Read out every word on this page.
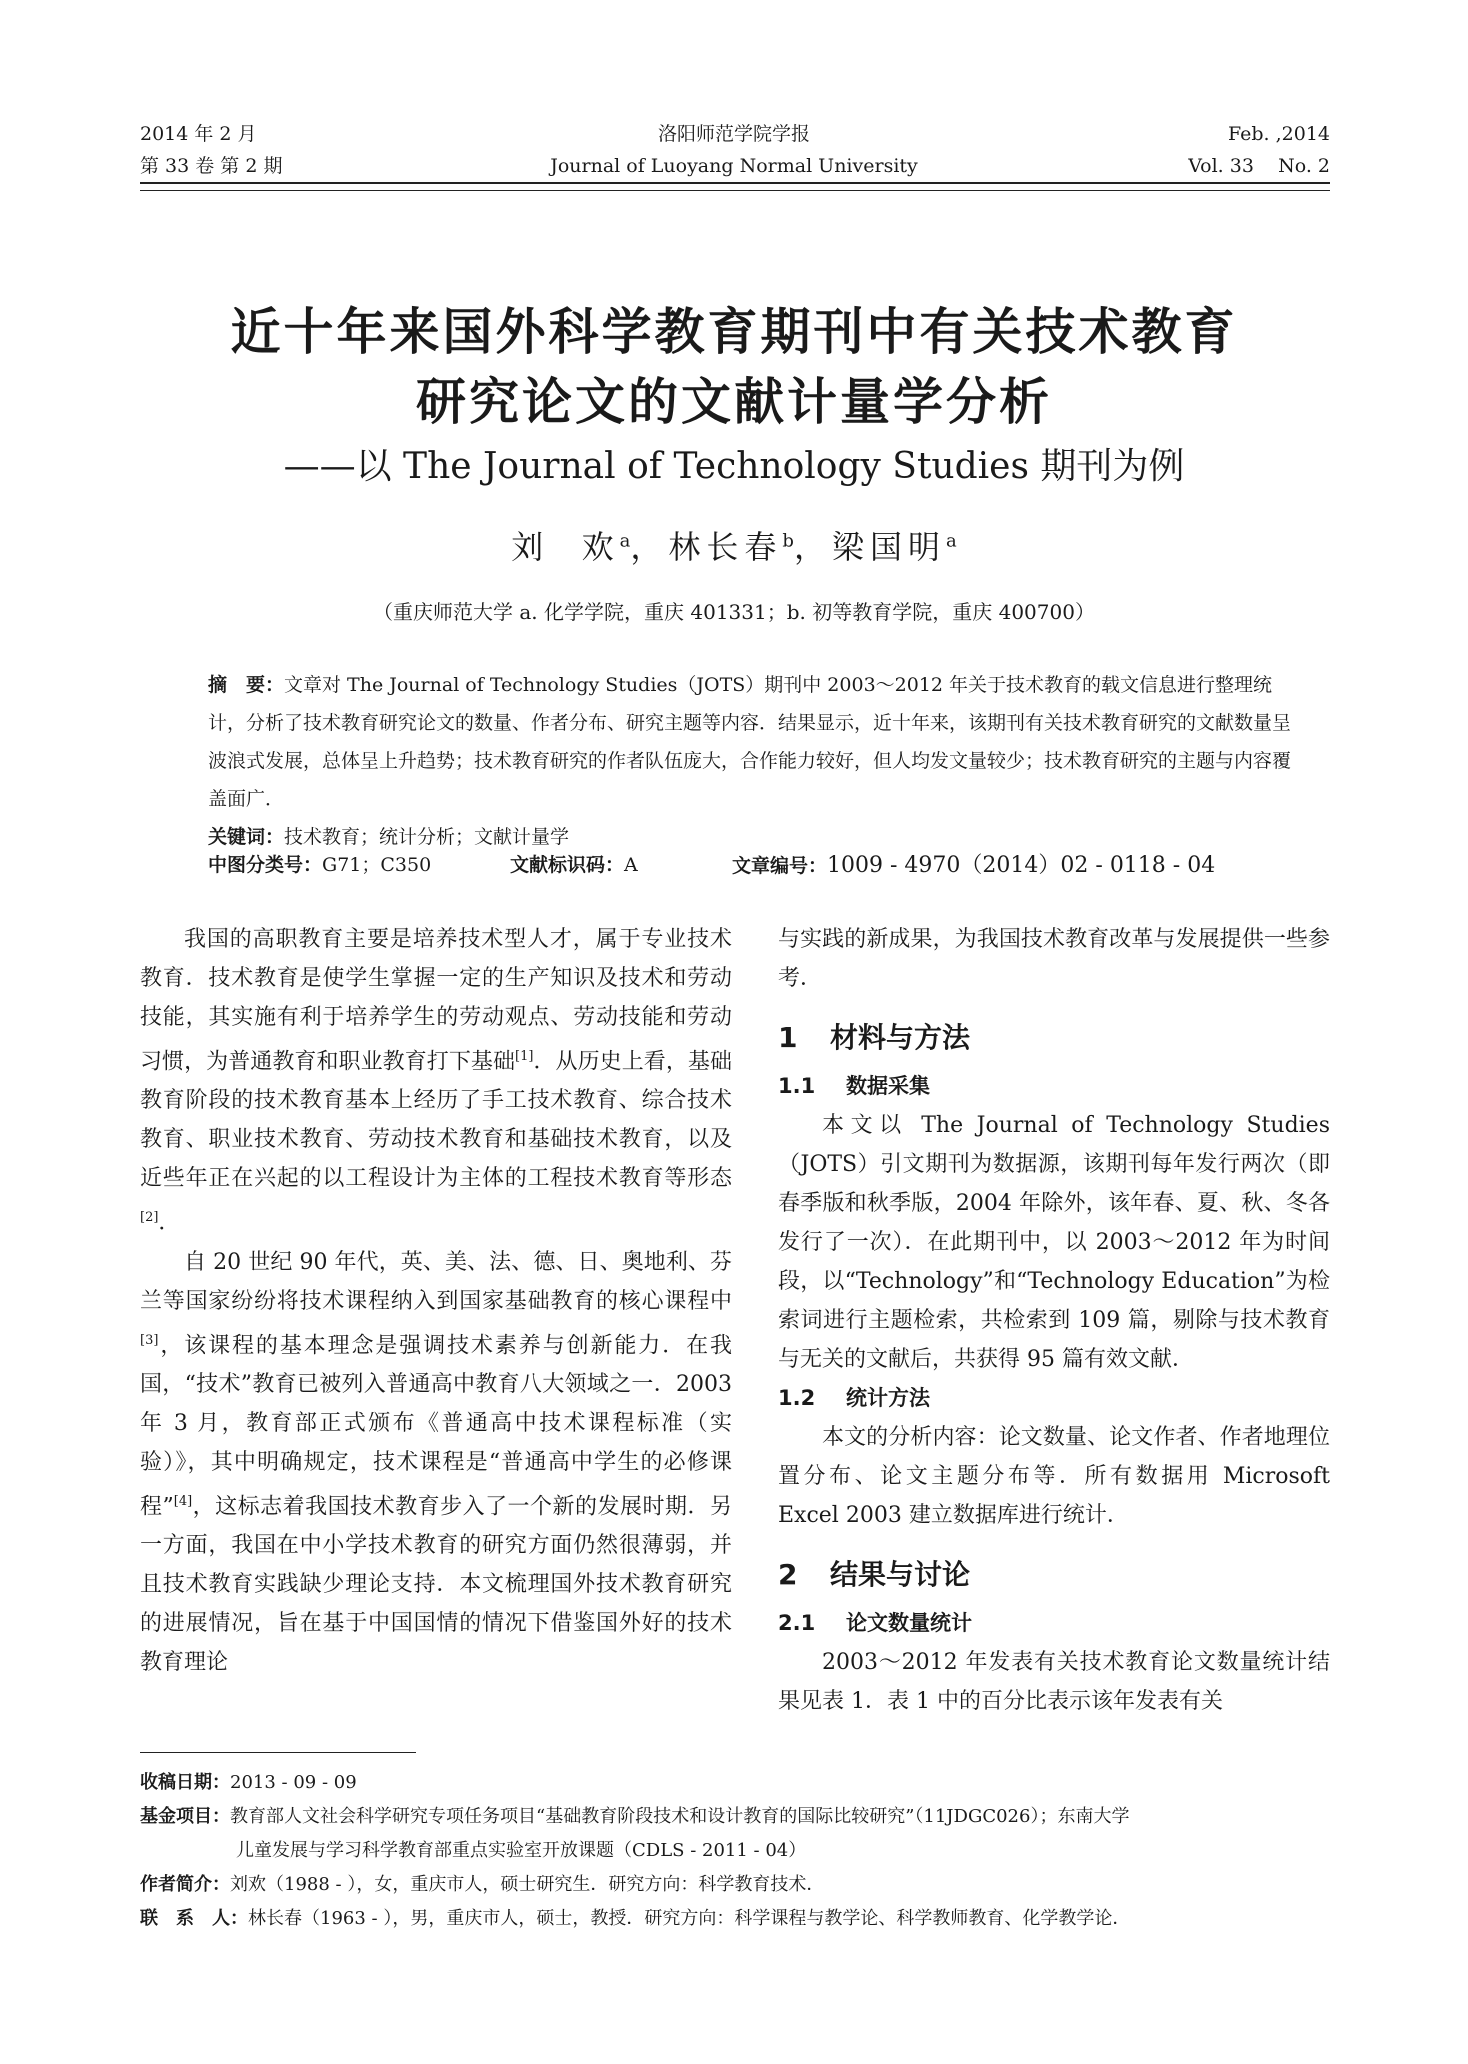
2014 年 2 月
第 33 卷 第 2 期
洛阳师范学院学报
Journal of Luoyang Normal University
Feb. ,2014
Vol. 33    No. 2
近十年来国外科学教育期刊中有关技术教育
研究论文的文献计量学分析
——以 The Journal of Technology Studies 期刊为例
刘  欢$^a$，林长春$^b$，梁国明$^a$
（重庆师范大学 a. 化学学院，重庆 401331；b. 初等教育学院，重庆 400700）
摘　要：文章对 The Journal of Technology Studies（JOTS）期刊中 2003～2012 年关于技术教育的载文信息进行整理统计，分析了技术教育研究论文的数量、作者分布、研究主题等内容．结果显示，近十年来，该期刊有关技术教育研究的文献数量呈波浪式发展，总体呈上升趋势；技术教育研究的作者队伍庞大，合作能力较好，但人均发文量较少；技术教育研究的主题与内容覆盖面广．
关键词：技术教育；统计分析；文献计量学
中图分类号：G71；C350	文献标识码：A	文章编号：1009 - 4970（2014）02 - 0118 - 04

我国的高职教育主要是培养技术型人才，属于专业技术教育．技术教育是使学生掌握一定的生产知识及技术和劳动技能，其实施有利于培养学生的劳动观点、劳动技能和劳动习惯，为普通教育和职业教育打下基础[1]．从历史上看，基础教育阶段的技术教育基本上经历了手工技术教育、综合技术教育、职业技术教育、劳动技术教育和基础技术教育，以及近些年正在兴起的以工程设计为主体的工程技术教育等形态[2]．

自 20 世纪 90 年代，英、美、法、德、日、奥地利、芬兰等国家纷纷将技术课程纳入到国家基础教育的核心课程中[3]，该课程的基本理念是强调技术素养与创新能力．在我国，“技术”教育已被列入普通高中教育八大领域之一．2003 年 3 月，教育部正式颁布《普通高中技术课程标准（实验）》，其中明确规定，技术课程是“普通高中学生的必修课程”[4]，这标志着我国技术教育步入了一个新的发展时期．另一方面，我国在中小学技术教育的研究方面仍然很薄弱，并且技术教育实践缺少理论支持．本文梳理国外技术教育研究的进展情况，旨在基于中国国情的情况下借鉴国外好的技术教育理论

与实践的新成果，为我国技术教育改革与发展提供一些参考．

1 材料与方法
1.1 数据采集

本文以 The Journal of Technology Studies（JOTS）引文期刊为数据源，该期刊每年发行两次（即春季版和秋季版，2004 年除外，该年春、夏、秋、冬各发行了一次）．在此期刊中，以 2003～2012 年为时间段，以“Technology”和“Technology Education”为检索词进行主题检索，共检索到 109 篇，剔除与技术教育与无关的文献后，共获得 95 篇有效文献．

1.2 统计方法

本文的分析内容：论文数量、论文作者、作者地理位置分布、论文主题分布等．所有数据用 Microsoft Excel 2003 建立数据库进行统计．

2 结果与讨论
2.1 论文数量统计

2003～2012 年发表有关技术教育论文数量统计结果见表 1．表 1 中的百分比表示该年发表有关

收稿日期：2013 - 09 - 09
基金项目：教育部人文社会科学研究专项任务项目“基础教育阶段技术和设计教育的国际比较研究”（11JDGC026）；东南大学
儿童发展与学习科学教育部重点实验室开放课题（CDLS - 2011 - 04）
作者简介：刘欢（1988 - ），女，重庆市人，硕士研究生．研究方向：科学教育技术．
联　系　人：林长春（1963 - ），男，重庆市人，硕士，教授．研究方向：科学课程与教学论、科学教师教育、化学教学论．
